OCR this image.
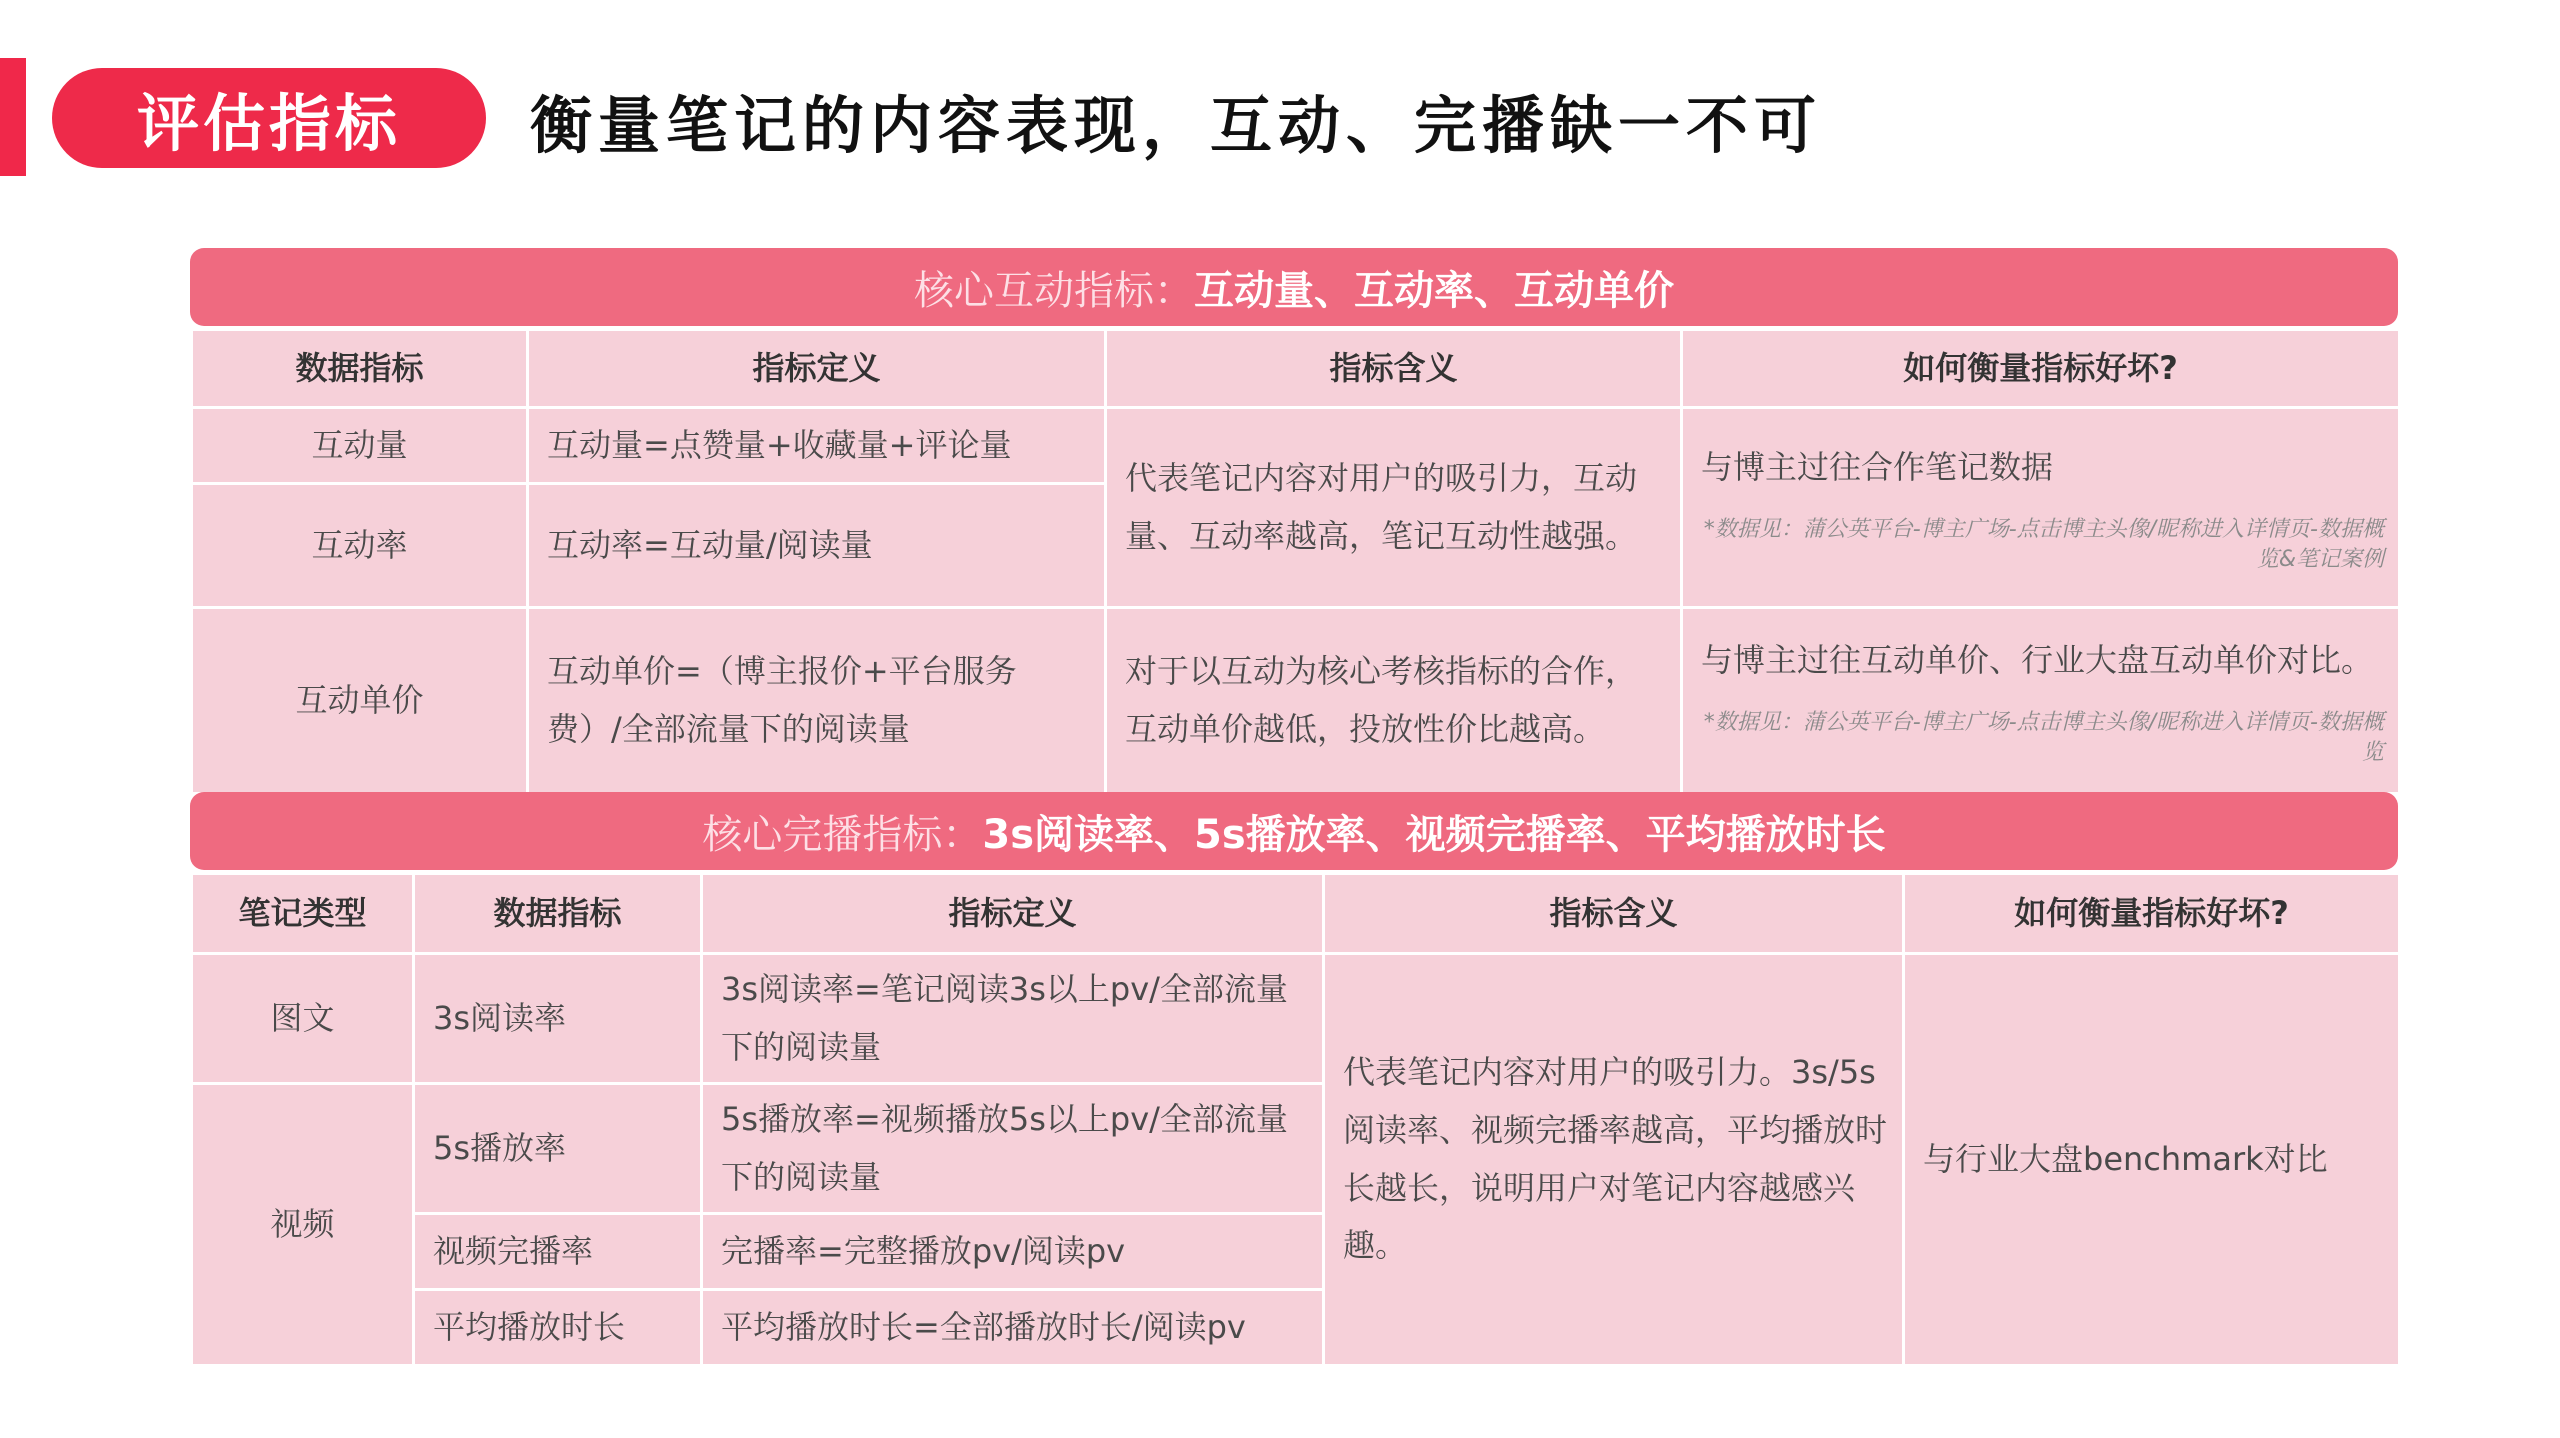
评估指标	衡量笔记的内容表现，互动、完播缺一不可
核心互动指标： 互动量、互动率、互动单价
数据指标	指标定义	指标含义	如何衡量指标好坏?
互动量	互动量=点赞量+收藏量+评论量	代表笔记内容对用户的吸引力，互动量、互动率越高，笔记互动性越强。	与博主过往合作笔记数据
*数据见：蒲公英平台-博主广场-点击博主头像/昵称进入详情页-数据概览&笔记案例

互动率	互动率=互动量/阅读量		
互动单价	互动单价=（博主报价+平台服务费）/全部流量下的阅读量	对于以互动为核心考核指标的合作，互动单价越低，投放性价比越高。	与博主过往互动单价、行业大盘互动单价对比。
*数据见：蒲公英平台-博主广场-点击博主头像/昵称进入详情页-数据概览
核心完播指标： 3s阅读率、5s播放率、视频完播率、平均播放时长
笔记类型	数据指标	指标定义	指标含义	如何衡量指标好坏?
图文	3s阅读率	3s阅读率=笔记阅读3s以上pv/全部流量下的阅读量	代表笔记内容对用户的吸引力。3s/5s阅读率、视频完播率越高，平均播放时长越长，说明用户对笔记内容越感兴趣。	与行业大盘benchmark对比
视频	5s播放率	5s播放率=视频播放5s以上pv/全部流量下的阅读量		
	视频完播率	完播率=完整播放pv/阅读pv		
	平均播放时长	平均播放时长=全部播放时长/阅读pv		
